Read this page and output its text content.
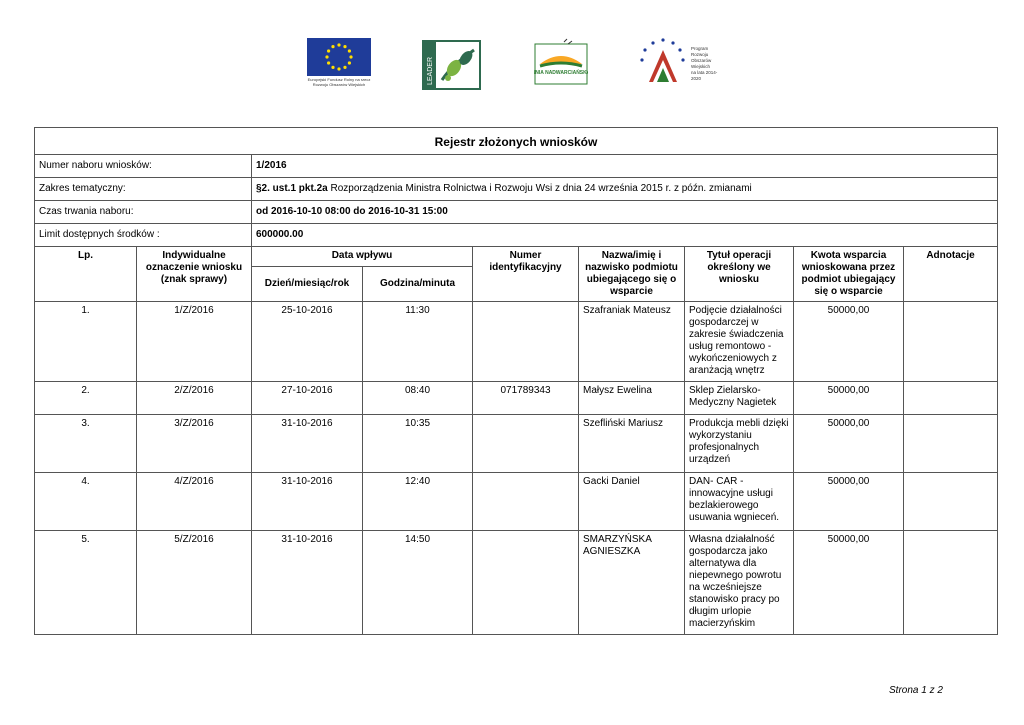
Europejski Fundusz Rolny na rzecz Rozwoju Obszarów Wiejskich	LEADER	UNIA NADWARCIAŃSKA
Program
Rozwoju
Obszarów
Wiejskich
na lata 2014-2020
Rejestr złożonych wniosków								
Numer naboru wniosków:		1/2016						
Zakres tematyczny:		§2. ust.1 pkt.2a Rozporządzenia Ministra Rolnictwa i Rozwoju Wsi z dnia 24 września 2015 r. z późn. zmianami						
Czas trwania naboru:		od 2016-10-10 08:00 do 2016-10-31 15:00						
Limit dostępnych środków :		600000.00						
Lp.	Indywidualne oznaczenie wniosku (znak sprawy)	Data wpływu		Numer identyfikacyjny	Nazwa/imię i nazwisko podmiotu ubiegającego się o wsparcie	Tytuł operacji określony we wniosku	Kwota wsparcia wnioskowana przez podmiot ubiegający się o wsparcie	Adnotacje
		Dzień/miesiąc/rok	Godzina/minuta					
1.	1/Z/2016	25-10-2016	11:30		Szafraniak Mateusz	Podjęcie działalności gospodarczej w zakresie świadczenia usług remontowo - wykończeniowych z aranżacją wnętrz	50000,00	
2.	2/Z/2016	27-10-2016	08:40	071789343	Małysz Ewelina	Sklep Zielarsko-Medyczny Nagietek	50000,00	
3.	3/Z/2016	31-10-2016	10:35		Szefliński Mariusz	Produkcja mebli dzięki wykorzystaniu profesjonalnych urządzeń	50000,00	
4.	4/Z/2016	31-10-2016	12:40		Gacki Daniel	DAN- CAR - innowacyjne usługi bezlakierowego usuwania wgnieceń.	50000,00	
5.	5/Z/2016	31-10-2016	14:50		SMARZYŃSKA AGNIESZKA	Własna działalność gospodarcza jako alternatywa dla niepewnego powrotu na wcześniejsze stanowisko pracy po długim urlopie macierzyńskim	50000,00	
Strona 1 z 2
